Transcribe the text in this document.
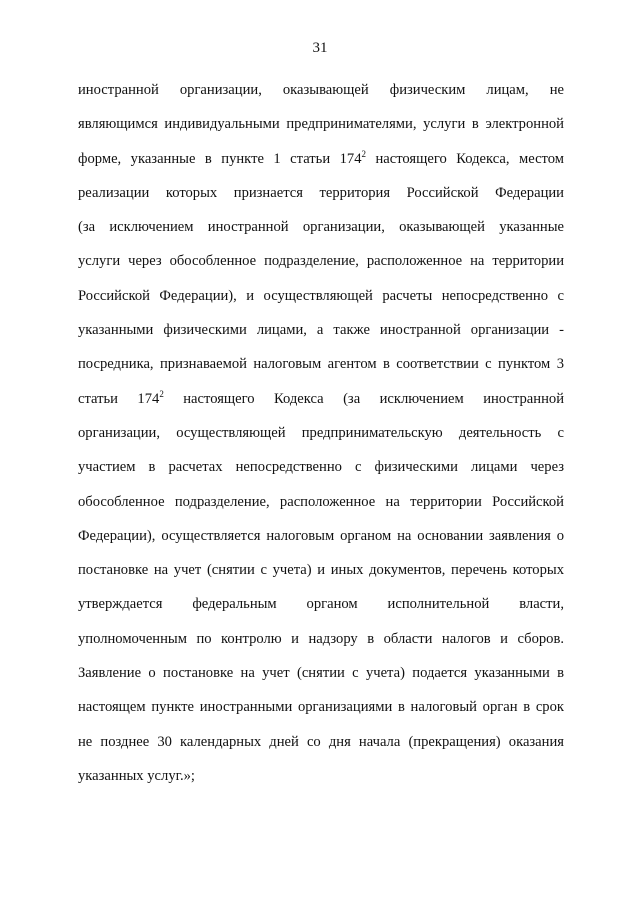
31
иностранной организации, оказывающей физическим лицам, не
являющимся индивидуальными предпринимателями, услуги в электронной
форме, указанные в пункте 1 статьи $174^2$ настоящего Кодекса, местом
реализации которых признается территория Российской Федерации
(за исключением иностранной организации, оказывающей указанные
услуги через обособленное подразделение, расположенное на территории
Российской Федерации), и осуществляющей расчеты непосредственно с
указанными физическими лицами, а также иностранной организации -
посредника, признаваемой налоговым агентом в соответствии с пунктом 3
статьи $174^2$ настоящего Кодекса (за исключением иностранной
организации, осуществляющей предпринимательскую деятельность с
участием в расчетах непосредственно с физическими лицами через
обособленное подразделение, расположенное на территории Российской
Федерации), осуществляется налоговым органом на основании заявления о
постановке на учет (снятии с учета) и иных документов, перечень которых
утверждается федеральным органом исполнительной власти,
уполномоченным по контролю и надзору в области налогов и сборов.
Заявление о постановке на учет (снятии с учета) подается указанными в
настоящем пункте иностранными организациями в налоговый орган в срок
не позднее 30 календарных дней со дня начала (прекращения) оказания
указанных услуг.»;
